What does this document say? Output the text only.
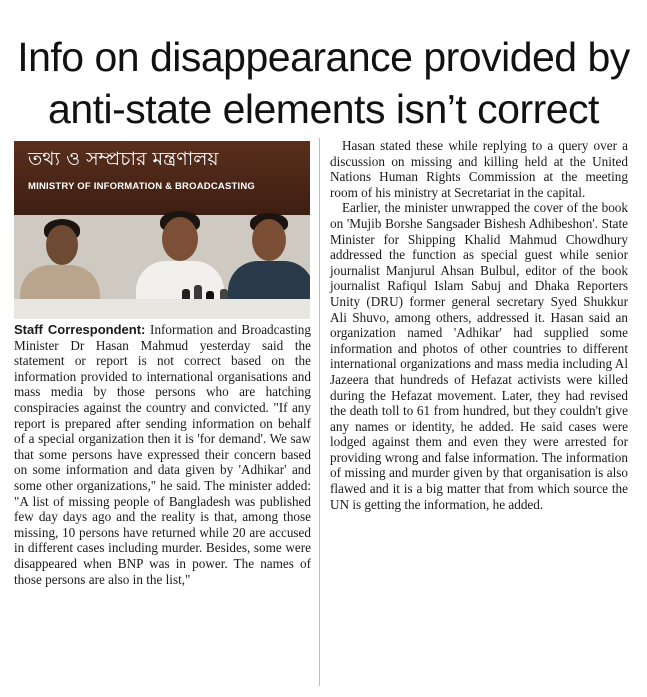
Info on disappearance provided by
anti-state elements isn’t correct
তথ্য ও সম্প্রচার মন্ত্রণালয়
MINISTRY OF INFORMATION & BROADCASTING

Staff Correspondent: Information and Broadcasting Minister Dr Hasan Mahmud yesterday said the statement or report is not correct based on the information provided to international organisations and mass media by those persons who are hatching conspiracies against the country and convicted. "If any report is prepared after sending information on behalf of a special organization then it is 'for demand'. We saw that some persons have expressed their concern based on some information and data given by 'Adhikar' and some other organizations," he said. The minister added: "A list of missing people of Bangladesh was published few day days ago and the reality is that, among those missing, 10 persons have returned while 20 are accused in different cases including murder. Besides, some were disappeared when BNP was in power. The names of those persons are also in the list,"

Hasan stated these while replying to a query over a discussion on missing and killing held at the United Nations Human Rights Commission at the meeting room of his ministry at Secretariat in the capital.

Earlier, the minister unwrapped the cover of the book on 'Mujib Borshe Sangsader Bishesh Adhibeshon'. State Minister for Shipping Khalid Mahmud Chowdhury addressed the function as special guest while senior journalist Manjurul Ahsan Bulbul, editor of the book journalist Rafiqul Islam Sabuj and Dhaka Reporters Unity (DRU) former general secretary Syed Shukkur Ali Shuvo, among others, addressed it. Hasan said an organization named 'Adhikar' had supplied some information and photos of other countries to different international organizations and mass media including Al Jazeera that hundreds of Hefazat activists were killed during the Hefazat movement. Later, they had revised the death toll to 61 from hundred, but they couldn't give any names or identity, he added. He said cases were lodged against them and even they were arrested for providing wrong and false information. The information of missing and murder given by that organisation is also flawed and it is a big matter that from which source the UN is getting the information, he added.
